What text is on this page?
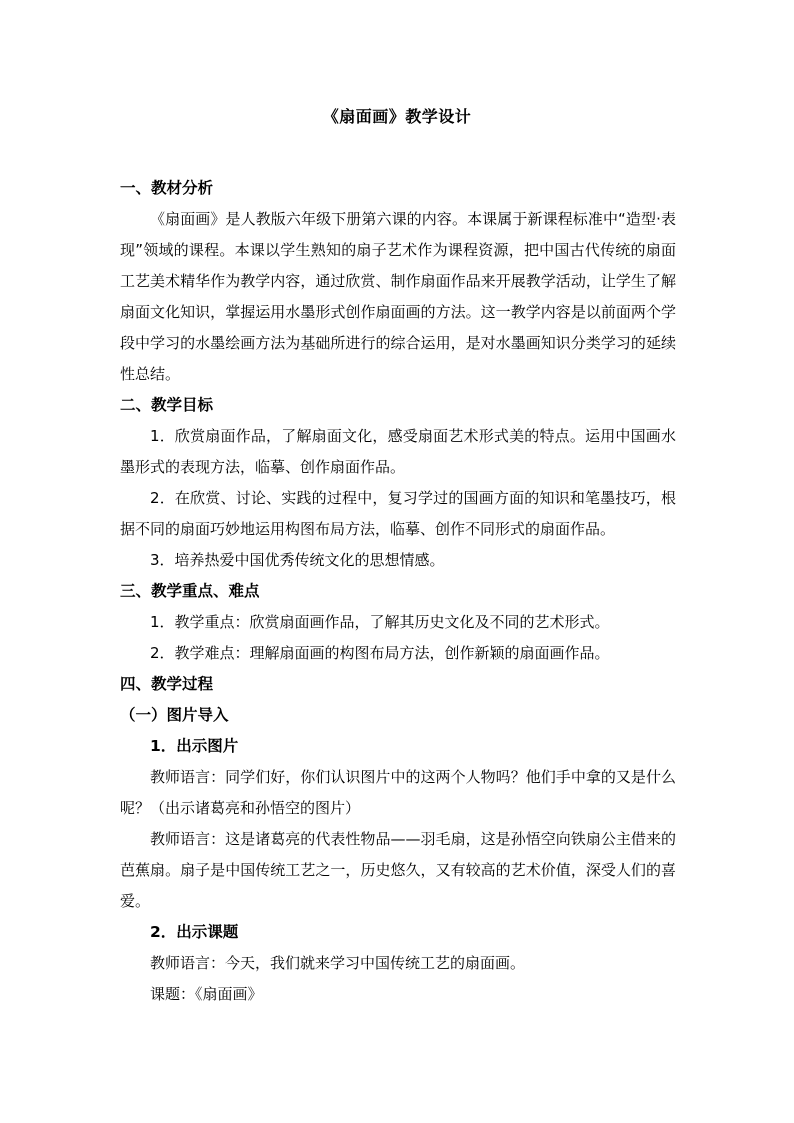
《扇面画》教学设计
一、教材分析
《扇面画》是人教版六年级下册第六课的内容。本课属于新课程标准中“造型·表现”领域的课程。本课以学生熟知的扇子艺术作为课程资源，把中国古代传统的扇面工艺美术精华作为教学内容，通过欣赏、制作扇面作品来开展教学活动，让学生了解扇面文化知识，掌握运用水墨形式创作扇面画的方法。这一教学内容是以前面两个学段中学习的水墨绘画方法为基础所进行的综合运用，是对水墨画知识分类学习的延续性总结。
二、教学目标
1．欣赏扇面作品，了解扇面文化，感受扇面艺术形式美的特点。运用中国画水墨形式的表现方法，临摹、创作扇面作品。
2．在欣赏、讨论、实践的过程中，复习学过的国画方面的知识和笔墨技巧，根据不同的扇面巧妙地运用构图布局方法，临摹、创作不同形式的扇面作品。
3．培养热爱中国优秀传统文化的思想情感。
三、教学重点、难点
1．教学重点：欣赏扇面画作品，了解其历史文化及不同的艺术形式。
2．教学难点：理解扇面画的构图布局方法，创作新颖的扇面画作品。
四、教学过程
（一）图片导入
1．出示图片
教师语言：同学们好，你们认识图片中的这两个人物吗？他们手中拿的又是什么呢？（出示诸葛亮和孙悟空的图片）
教师语言：这是诸葛亮的代表性物品——羽毛扇，这是孙悟空向铁扇公主借来的芭蕉扇。扇子是中国传统工艺之一，历史悠久，又有较高的艺术价值，深受人们的喜爱。
2．出示课题
教师语言：今天，我们就来学习中国传统工艺的扇面画。
课题：《扇面画》
